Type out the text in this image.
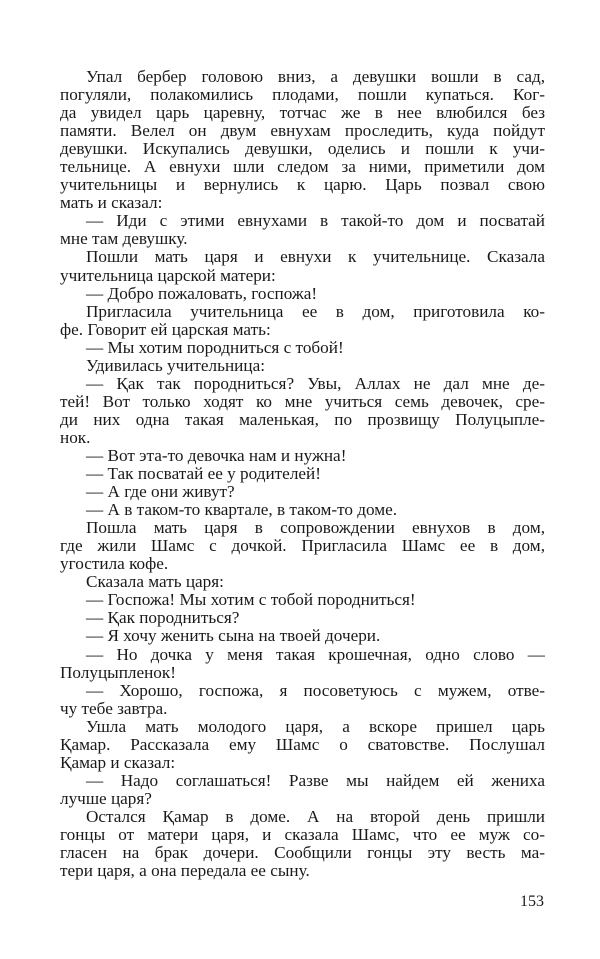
Упал бербер головою вниз, а девушки вошли в сад,
погуляли, полакомились плодами, пошли купаться. Ког-
да увидел царь царевну, тотчас же в нее влюбился без
памяти. Велел он двум евнухам проследить, куда пойдут
девушки. Искупались девушки, оделись и пошли к учи-
тельнице. А евнухи шли следом за ними, приметили дом
учительницы и вернулись к царю. Царь позвал свою
мать и сказал:
— Иди с этими евнухами в такой-то дом и посватай
мне там девушку.
Пошли мать царя и евнухи к учительнице. Сказала
учительница царской матери:
— Добро пожаловать, госпожа!
Пригласила учительница ее в дом, приготовила ко-
фе. Говорит ей царская мать:
— Мы хотим породниться с тобой!
Удивилась учительница:
— Қак так породниться? Увы, Аллах не дал мне де-
тей! Вот только ходят ко мне учиться семь девочек, сре-
ди них одна такая маленькая, по прозвищу Полуцыпле-
нок.
— Вот эта-то девочка нам и нужна!
— Так посватай ее у родителей!
— А где они живут?
— А в таком-то квартале, в таком-то доме.
Пошла мать царя в сопровождении евнухов в дом,
где жили Шамс с дочкой. Пригласила Шамс ее в дом,
угостила кофе.
Сказала мать царя:
— Госпожа! Мы хотим с тобой породниться!
— Қак породниться?
— Я хочу женить сына на твоей дочери.
— Но дочка у меня такая крошечная, одно слово —
Полуцыпленок!
— Хорошо, госпожа, я посоветуюсь с мужем, отве-
чу тебе завтра.
Ушла мать молодого царя, а вскоре пришел царь
Қамар. Рассказала ему Шамс о сватовстве. Послушал
Қамар и сказал:
— Надо соглашаться! Разве мы найдем ей жениха
лучше царя?
Остался Қамар в доме. А на второй день пришли
гонцы от матери царя, и сказала Шамс, что ее муж со-
гласен на брак дочери. Сообщили гонцы эту весть ма-
тери царя, а она передала ее сыну.
153
